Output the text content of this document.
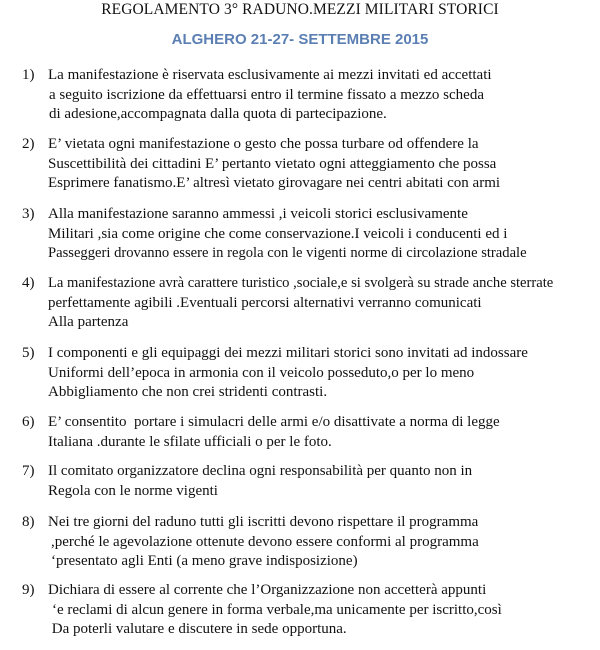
REGOLAMENTO 3° RADUNO.MEZZI MILITARI STORICI
ALGHERO 21-27- SETTEMBRE 2015
1) La manifestazione è riservata esclusivamente ai mezzi invitati ed accettati
a seguito iscrizione da effettuarsi entro il termine fissato a mezzo scheda
di adesione,accompagnata dalla quota di partecipazione.
2) E’ vietata ogni manifestazione o gesto che possa turbare od offendere la
Suscettibilità dei cittadini E’ pertanto vietato ogni atteggiamento che possa
Esprimere fanatismo.E’ altresì vietato girovagare nei centri abitati con armi
3) Alla manifestazione saranno ammessi ,i veicoli storici esclusivamente
Militari ,sia come origine che come conservazione.I veicoli i conducenti ed i
Passeggeri drovanno essere in regola con le vigenti norme di circolazione stradale
4) La manifestazione avrà carattere turistico ,sociale,e si svolgerà su strade anche sterrate
perfettamente agibili .Eventuali percorsi alternativi verranno comunicati
Alla partenza
5) I componenti e gli equipaggi dei mezzi militari storici sono invitati ad indossare
Uniformi dell’epoca in armonia con il veicolo posseduto,o per lo meno
Abbigliamento che non crei stridenti contrasti.
6) E’ consentito  portare i simulacri delle armi e/o disattivate a norma di legge
Italiana .durante le sfilate ufficiali o per le foto.
7) Il comitato organizzatore declina ogni responsabilità per quanto non in
Regola con le norme vigenti
8) Nei tre giorni del raduno tutti gli iscritti devono rispettare il programma
,perché le agevolazione ottenute devono essere conformi al programma
‘presentato agli Enti (a meno grave indisposizione)
9) Dichiara di essere al corrente che l’Organizzazione non accetterà appunti
‘e reclami di alcun genere in forma verbale,ma unicamente per iscritto,così
Da poterli valutare e discutere in sede opportuna.
